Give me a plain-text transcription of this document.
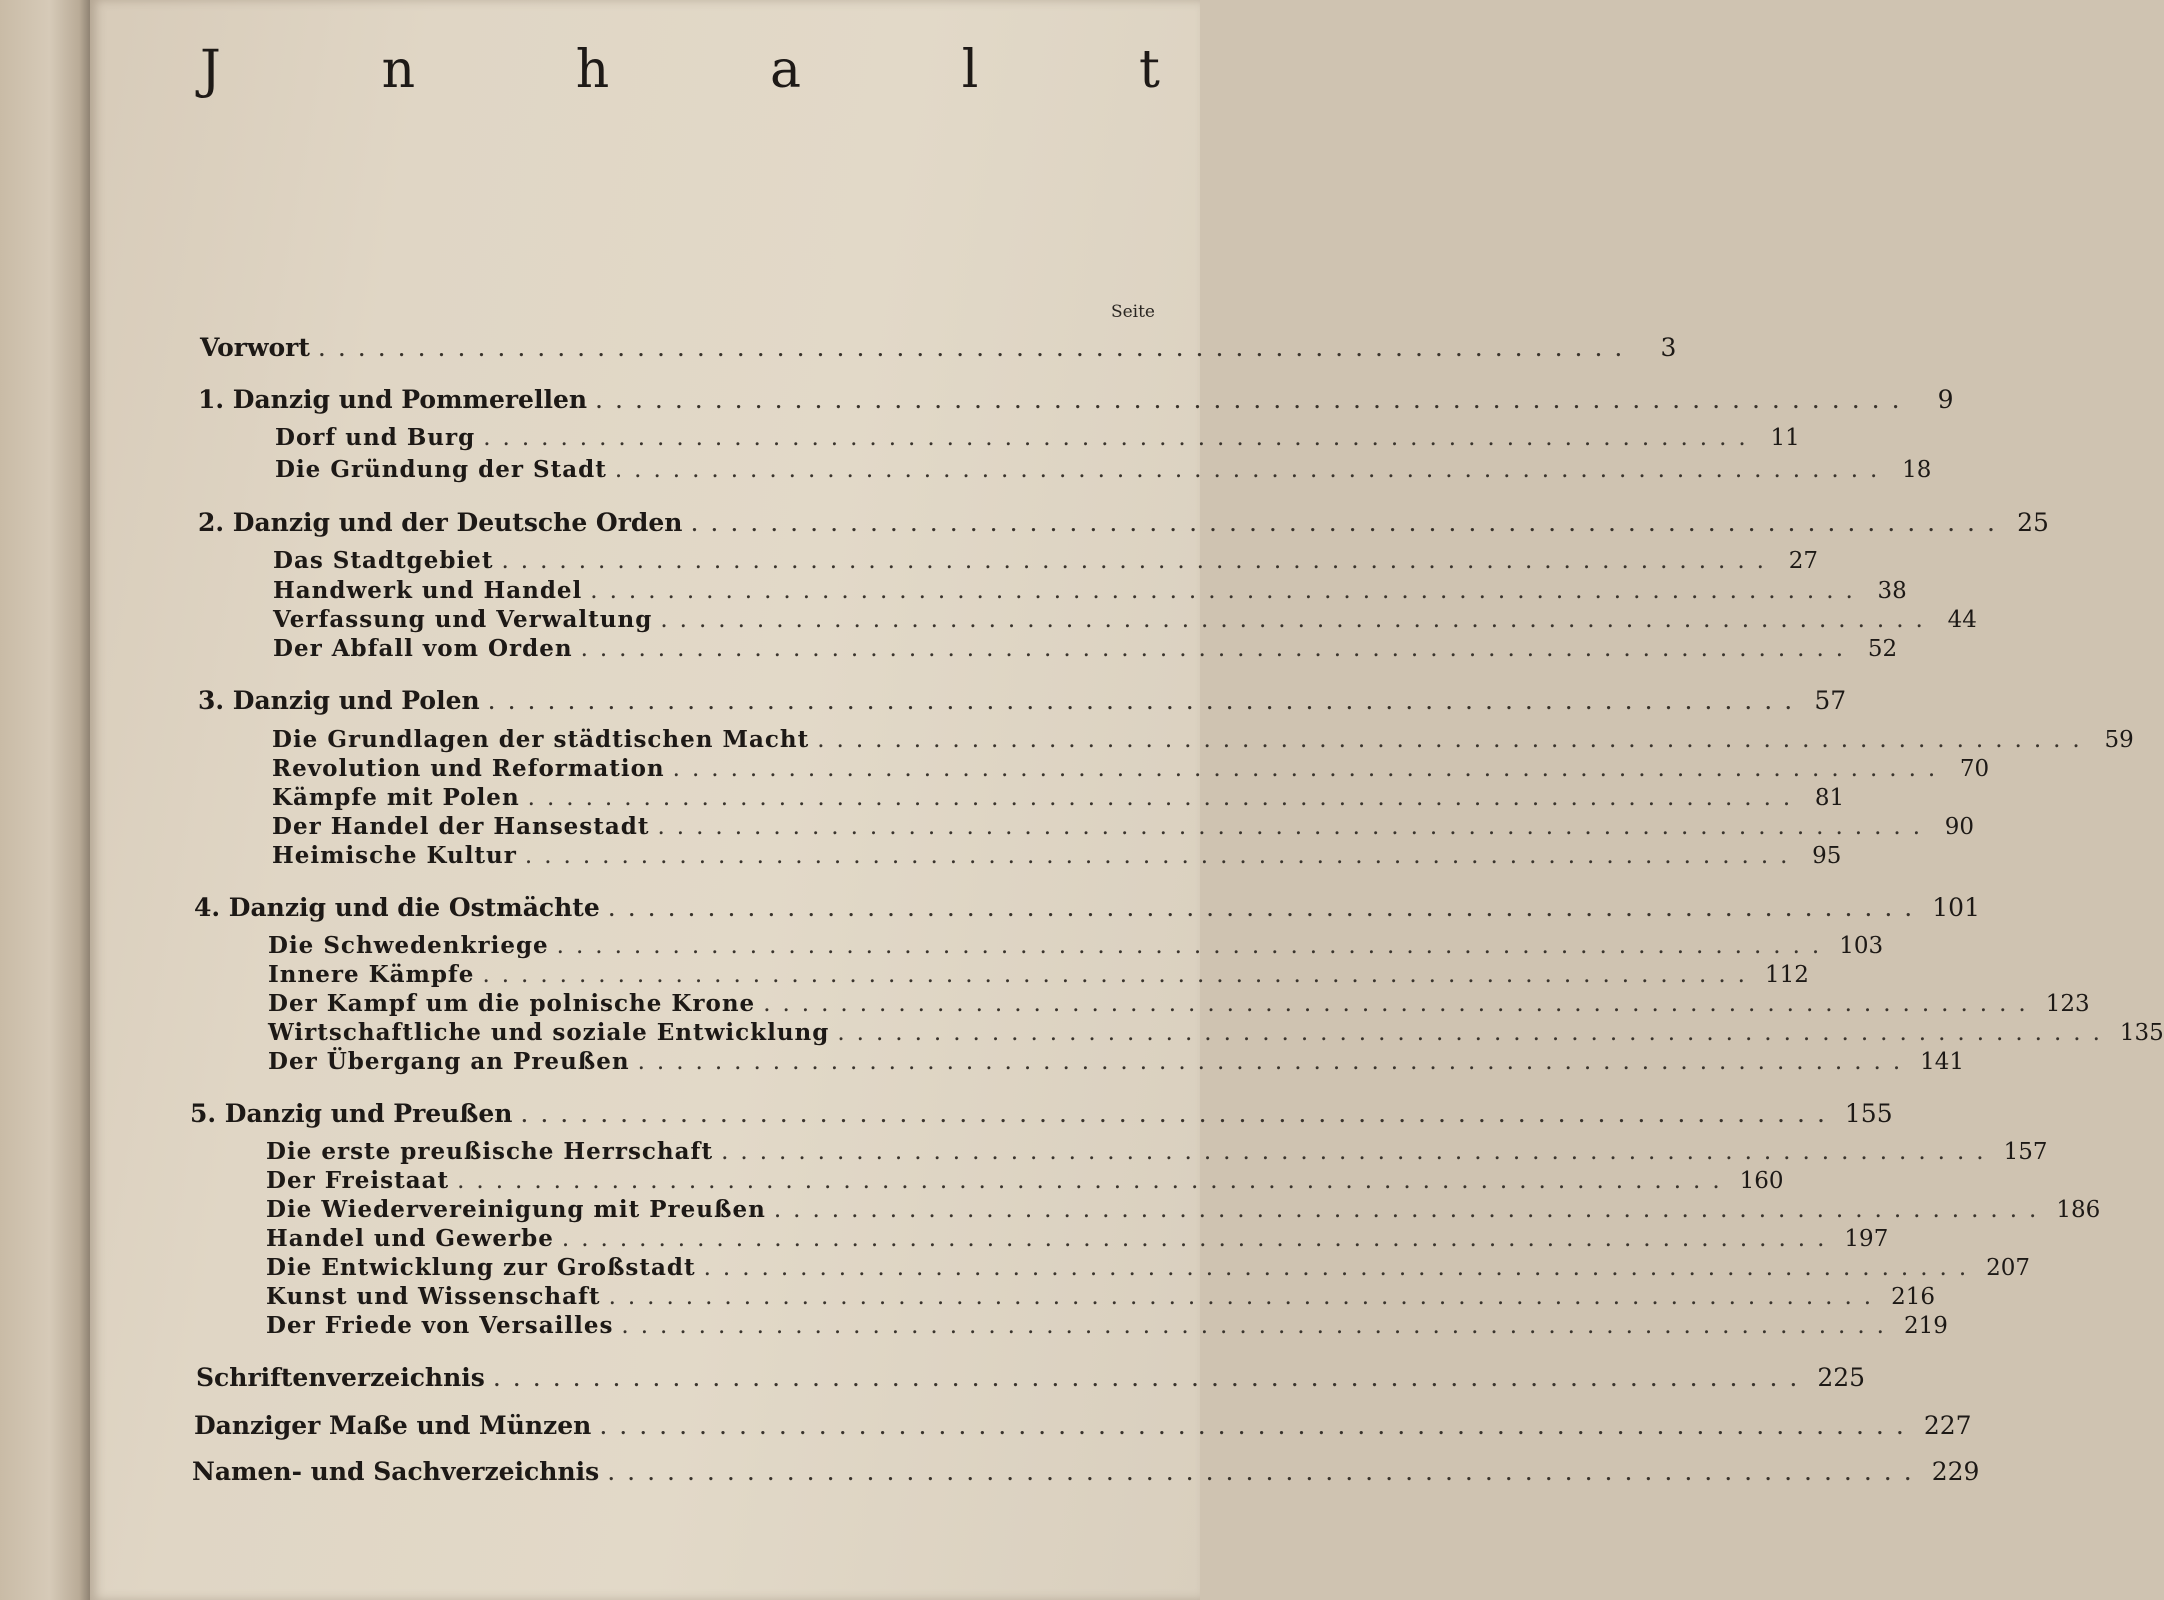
J	n	h	a	l	t
Seite
Vorwort ..................................................................	3
1. Danzig und Pommerellen ..................................................................	9
Dorf und Burg .................................................................. 11
Die Gründung der Stadt .................................................................. 18
2. Danzig und der Deutsche Orden .................................................................. 25
Das Stadtgebiet .................................................................. 27
Handwerk und Handel .................................................................. 38
Verfassung und Verwaltung .................................................................. 44
Der Abfall vom Orden .................................................................. 52
3. Danzig und Polen .................................................................. 57
Die Grundlagen der städtischen Macht .................................................................. 59
Revolution und Reformation .................................................................. 70
Kämpfe mit Polen .................................................................. 81
Der Handel der Hansestadt .................................................................. 90
Heimische Kultur .................................................................. 95
4. Danzig und die Ostmächte .................................................................. 101
Die Schwedenkriege .................................................................. 103
Innere Kämpfe .................................................................. 112
Der Kampf um die polnische Krone .................................................................. 123
Wirtschaftliche und soziale Entwicklung .................................................................. 135
Der Übergang an Preußen .................................................................. 141
5. Danzig und Preußen .................................................................. 155
Die erste preußische Herrschaft .................................................................. 157
Der Freistaat .................................................................. 160
Die Wiedervereinigung mit Preußen .................................................................. 186
Handel und Gewerbe .................................................................. 197
Die Entwicklung zur Großstadt .................................................................. 207
Kunst und Wissenschaft .................................................................. 216
Der Friede von Versailles .................................................................. 219
Schriftenverzeichnis .................................................................. 225
Danziger Maße und Münzen .................................................................. 227
Namen- und Sachverzeichnis .................................................................. 229
